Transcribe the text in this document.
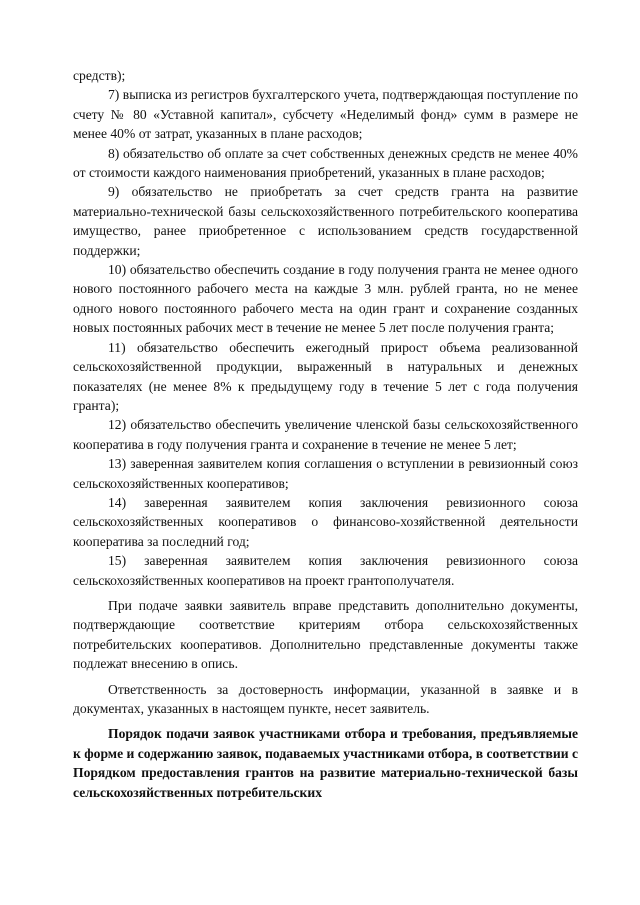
средств);

7) выписка из регистров бухгалтерского учета, подтверждающая поступление по счету № 80 «Уставной капитал», субсчету «Неделимый фонд» сумм в размере не менее 40% от затрат, указанных в плане расходов;

8) обязательство об оплате за счет собственных денежных средств не менее 40% от стоимости каждого наименования приобретений, указанных в плане расходов;

9) обязательство не приобретать за счет средств гранта на развитие материально-технической базы сельскохозяйственного потребительского кооператива имущество, ранее приобретенное с использованием средств государственной поддержки;

10) обязательство обеспечить создание в году получения гранта не менее одного нового постоянного рабочего места на каждые 3 млн. рублей гранта, но не менее одного нового постоянного рабочего места на один грант и сохранение созданных новых постоянных рабочих мест в течение не менее 5 лет после получения гранта;

11) обязательство обеспечить ежегодный прирост объема реализованной сельскохозяйственной продукции, выраженный в натуральных и денежных показателях (не менее 8% к предыдущему году в течение 5 лет с года получения гранта);

12) обязательство обеспечить увеличение членской базы сельскохозяйственного кооператива в году получения гранта и сохранение в течение не менее 5 лет;

13) заверенная заявителем копия соглашения о вступлении в ревизионный союз сельскохозяйственных кооперативов;

14) заверенная заявителем копия заключения ревизионного союза сельскохозяйственных кооперативов о финансово-хозяйственной деятельности кооператива за последний год;

15) заверенная заявителем копия заключения ревизионного союза сельскохозяйственных кооперативов на проект грантополучателя.

При подаче заявки заявитель вправе представить дополнительно документы, подтверждающие соответствие критериям отбора сельскохозяйственных потребительских кооперативов. Дополнительно представленные документы также подлежат внесению в опись.

Ответственность за достоверность информации, указанной в заявке и в документах, указанных в настоящем пункте, несет заявитель.

Порядок подачи заявок участниками отбора и требования, предъявляемые к форме и содержанию заявок, подаваемых участниками отбора, в соответствии с Порядком предоставления грантов на развитие материально-технической базы сельскохозяйственных потребительских
